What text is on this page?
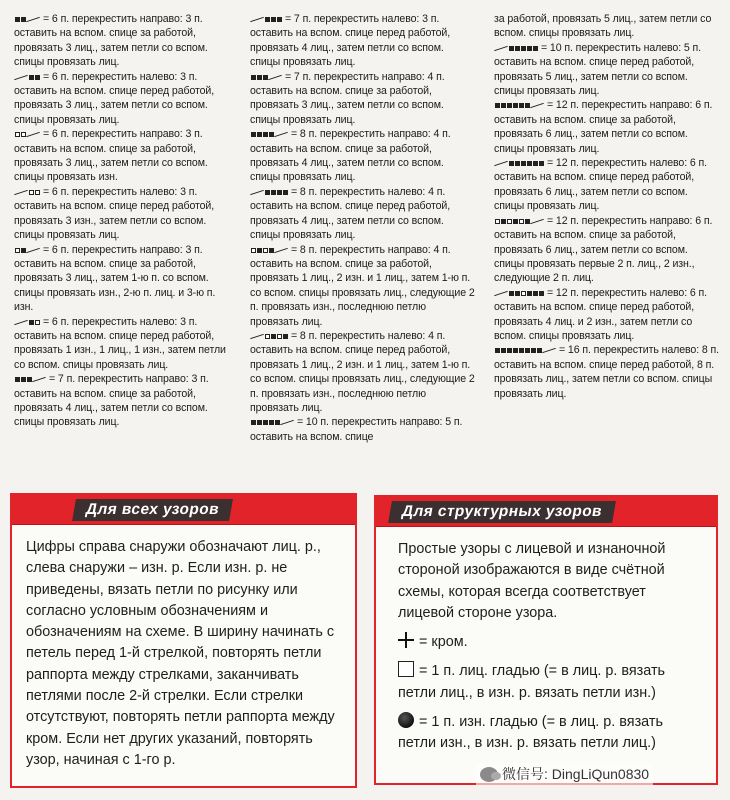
= 6 п. перекрестить направо: 3 п. оставить на вспом. спице за работой, провязать 3 лиц., затем петли со вспом. спицы провязать лиц.
= 6 п. перекрестить налево: 3 п. оставить на вспом. спице перед работой, провязать 3 лиц., затем петли со вспом. спицы провязать лиц.
= 6 п. перекрестить направо: 3 п. оставить на вспом. спице за работой, провязать 3 лиц., затем петли со вспом. спицы провязать изн.
= 6 п. перекрестить налево: 3 п. оставить на вспом. спице перед работой, провязать 3 изн., затем петли со вспом. спицы провязать лиц.
= 6 п. перекрестить направо: 3 п. оставить на вспом. спице за работой, провязать 3 лиц., затем 1-ю п. со вспом. спицы провязать изн., 2-ю п. лиц. и 3-ю п. изн.
= 6 п. перекрестить налево: 3 п. оставить на вспом. спице перед работой, провязать 1 изн., 1 лиц., 1 изн., затем петли со вспом. спицы провязать лиц.
= 7 п. перекрестить направо: 3 п. оставить на вспом. спице за работой, провязать 4 лиц., затем петли со вспом. спицы провязать лиц.
= 7 п. перекрестить налево: 3 п. оставить на вспом. спице перед работой, провязать 4 лиц., затем петли со вспом. спицы провязать лиц.
= 7 п. перекрестить направо: 4 п. оставить на вспом. спице за работой, провязать 3 лиц., затем петли со вспом. спицы провязать лиц.
= 8 п. перекрестить направо: 4 п. оставить на вспом. спице за работой, провязать 4 лиц., затем петли со вспом. спицы провязать лиц.
= 8 п. перекрестить налево: 4 п. оставить на вспом. спице перед работой, провязать 4 лиц., затем петли со вспом. спицы провязать лиц.
= 8 п. перекрестить направо: 4 п. оставить на вспом. спице за работой, провязать 1 лиц., 2 изн. и 1 лиц., затем 1-ю п. со вспом. спицы провязать лиц., следующие 2 п. провязать изн., последнюю петлю провязать лиц.
= 8 п. перекрестить налево: 4 п. оставить на вспом. спице перед работой, провязать 1 лиц., 2 изн. и 1 лиц., затем 1-ю п. со вспом. спицы провязать лиц., следующие 2 п. провязать изн., последнюю петлю провязать лиц.
= 10 п. перекрестить направо: 5 п. оставить на вспом. спице
за работой, провязать 5 лиц., затем петли со вспом. спицы провязать лиц.
= 10 п. перекрестить налево: 5 п. оставить на вспом. спице перед работой, провязать 5 лиц., затем петли со вспом. спицы провязать лиц.
= 12 п. перекрестить направо: 6 п. оставить на вспом. спице за работой, провязать 6 лиц., затем петли со вспом. спицы провязать лиц.
= 12 п. перекрестить налево: 6 п. оставить на вспом. спице перед работой, провязать 6 лиц., затем петли со вспом. спицы провязать лиц.
= 12 п. перекрестить направо: 6 п. оставить на вспом. спице за работой, провязать 6 лиц., затем петли со вспом. спицы провязать первые 2 п. лиц., 2 изн., следующие 2 п. лиц.
= 12 п. перекрестить налево: 6 п. оставить на вспом. спице перед работой, провязать 4 лиц. и 2 изн., затем петли со вспом. спицы провязать лиц.
= 16 п. перекрестить налево: 8 п. оставить на вспом. спице перед работой, 8 п. провязать лиц., затем петли со вспом. спицы провязать лиц.
Для всех узоров
Цифры справа снаружи обозначают лиц. р., слева снаружи – изн. р. Если изн. р. не приведены, вязать петли по рисунку или согласно условным обозначениям и обозначениям на схеме. В ширину начинать с петель перед 1-й стрелкой, повторять петли раппорта между стрелками, заканчивать петлями после 2-й стрелки. Если стрелки отсутствуют, повторять петли раппорта между кром. Если нет других указаний, повторять узор, начиная с 1-го р.
Для структурных узоров
Простые узоры с лицевой и изнаночной стороной изображаются в виде счётной схемы, которая всегда соответствует лицевой стороне узора.
= кром.
= 1 п. лиц. гладью (= в лиц. р. вязать петли лиц., в изн. р. вязать петли изн.)
= 1 п. изн. гладью (= в лиц. р. вязать петли изн., в изн. р. вязать петли лиц.)
微信号: DingLiQun0830
